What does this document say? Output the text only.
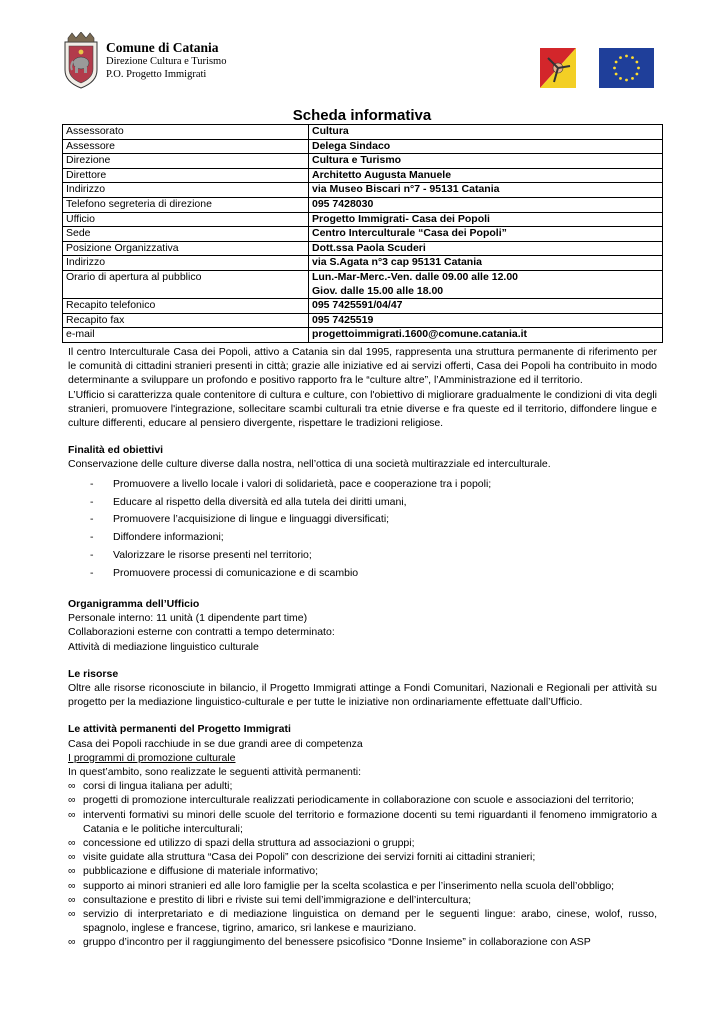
Comune di Catania
Direzione Cultura e Turismo
P.O. Progetto Immigrati
Scheda informativa
Assessorato	Cultura
Assessore	Delega Sindaco
Direzione	Cultura e Turismo
Direttore	Architetto Augusta Manuele
Indirizzo	via Museo Biscari n°7 - 95131 Catania
Telefono segreteria di direzione	095 7428030
Ufficio	Progetto Immigrati- Casa dei Popoli
Sede	Centro Interculturale “Casa dei Popoli”
Posizione Organizzativa	Dott.ssa Paola Scuderi
Indirizzo	via S.Agata n°3 cap 95131 Catania
Orario di apertura al pubblico	Lun.-Mar-Merc.-Ven. dalle 09.00 alle 12.00
	Giov. dalle 15.00 alle 18.00
Recapito telefonico	095 7425591/04/47
Recapito fax	095 7425519
e-mail	progettoimmigrati.1600@comune.catania.it

Il centro Interculturale Casa dei Popoli, attivo a Catania sin dal 1995, rappresenta una struttura permanente di riferimento per le comunità di cittadini stranieri presenti in città; grazie alle iniziative ed ai servizi offerti, Casa dei Popoli ha contribuito in modo determinante a sviluppare un profondo e positivo rapporto fra le “culture altre”, l’Amministrazione ed il territorio.

L’Ufficio si caratterizza quale contenitore di cultura e culture, con l'obiettivo di migliorare gradualmente le condizioni di vita degli stranieri, promuovere l'integrazione, sollecitare scambi culturali tra etnie diverse e fra queste ed il territorio, diffondere lingue e culture differenti, educare al pensiero divergente, rispettare le tradizioni religiose.

Finalità ed obiettivi

Conservazione delle culture diverse dalla nostra, nell’ottica di una società multirazziale ed interculturale.

- Promuovere a livello locale i valori di solidarietà, pace e cooperazione tra i popoli;
- Educare al rispetto della diversità ed alla tutela dei diritti umani,
- Promuovere l’acquisizione di lingue e linguaggi diversificati;
- Diffondere informazioni;
- Valorizzare le risorse presenti nel territorio;
- Promuovere processi di comunicazione e di scambio
Organigramma dell’Ufficio

Personale interno: 11 unità (1 dipendente part time)

Collaborazioni esterne con contratti a tempo determinato:

Attività di mediazione linguistico culturale

Le risorse

Oltre alle risorse riconosciute in bilancio, il Progetto Immigrati attinge a Fondi Comunitari, Nazionali e Regionali per attività su progetto per la mediazione linguistico-culturale e per tutte le iniziative non ordinariamente effettuate dall’Ufficio.

Le attività permanenti del Progetto Immigrati

Casa dei Popoli racchiude in se due grandi aree di competenza

I programmi di promozione culturale

In quest’ambito, sono realizzate le seguenti attività permanenti:

∞ corsi di lingua italiana per adulti;
∞ progetti di promozione interculturale realizzati periodicamente in collaborazione con scuole e associazioni del territorio;
∞ interventi formativi su minori delle scuole del territorio e formazione docenti su temi riguardanti il fenomeno immigratorio a Catania e le politiche interculturali;
∞ concessione ed utilizzo di spazi della struttura ad associazioni o gruppi;
∞ visite guidate alla struttura “Casa dei Popoli” con descrizione dei servizi forniti ai cittadini stranieri;
∞ pubblicazione e diffusione di materiale informativo;
∞ supporto ai minori stranieri ed alle loro famiglie per la scelta scolastica e per l’inserimento nella scuola dell’obbligo;
∞ consultazione e prestito di libri e riviste sui temi dell’immigrazione e dell’intercultura;
∞ servizio di interpretariato e di mediazione linguistica on demand per le seguenti lingue: arabo, cinese, wolof, russo, spagnolo, inglese e francese, tigrino, amarico, sri lankese e mauriziano.
∞ gruppo d’incontro per il raggiungimento del benessere psicofisico “Donne Insieme” in collaborazione con ASP
